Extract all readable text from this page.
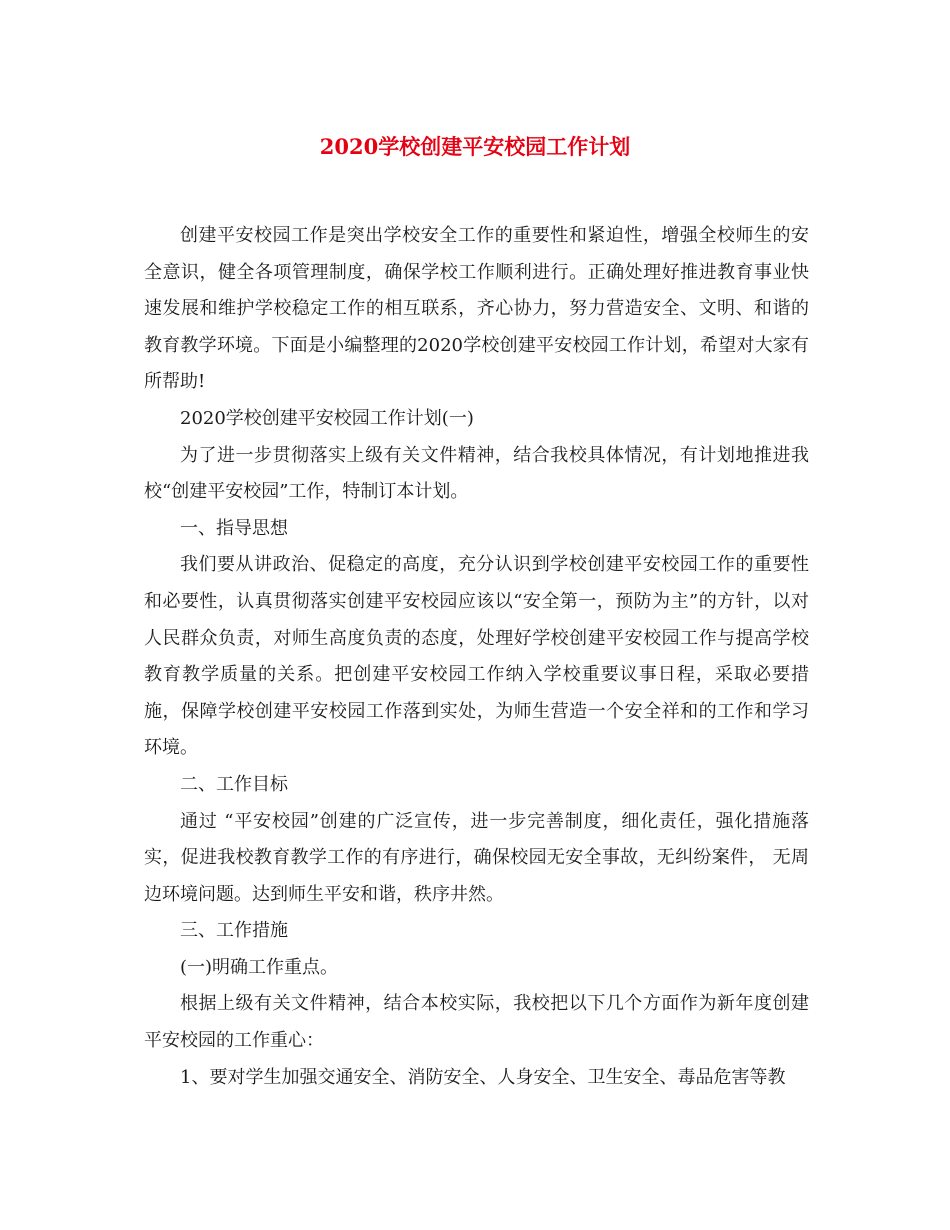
2020学校创建平安校园工作计划

创建平安校园工作是突出学校安全工作的重要性和紧迫性，增强全校师生的安全意识，健全各项管理制度，确保学校工作顺利进行。正确处理好推进教育事业快速发展和维护学校稳定工作的相互联系，齐心协力，努力营造安全、文明、和谐的教育教学环境。下面是小编整理的2020学校创建平安校园工作计划，希望对大家有所帮助!

2020学校创建平安校园工作计划(一)

为了进一步贯彻落实上级有关文件精神，结合我校具体情况，有计划地推进我校“创建平安校园”工作，特制订本计划。

一、指导思想

我们要从讲政治、促稳定的高度，充分认识到学校创建平安校园工作的重要性和必要性，认真贯彻落实创建平安校园应该以“安全第一，预防为主”的方针，以对人民群众负责，对师生高度负责的态度，处理好学校创建平安校园工作与提高学校教育教学质量的关系。把创建平安校园工作纳入学校重要议事日程，采取必要措施，保障学校创建平安校园工作落到实处，为师生营造一个安全祥和的工作和学习环境。

二、工作目标

通过 “平安校园”创建的广泛宣传，进一步完善制度，细化责任，强化措施落实，促进我校教育教学工作的有序进行，确保校园无安全事故，无纠纷案件， 无周边环境问题。达到师生平安和谐，秩序井然。

三、工作措施

(一)明确工作重点。

根据上级有关文件精神，结合本校实际，我校把以下几个方面作为新年度创建平安校园的工作重心：

1、要对学生加强交通安全、消防安全、人身安全、卫生安全、毒品危害等教
